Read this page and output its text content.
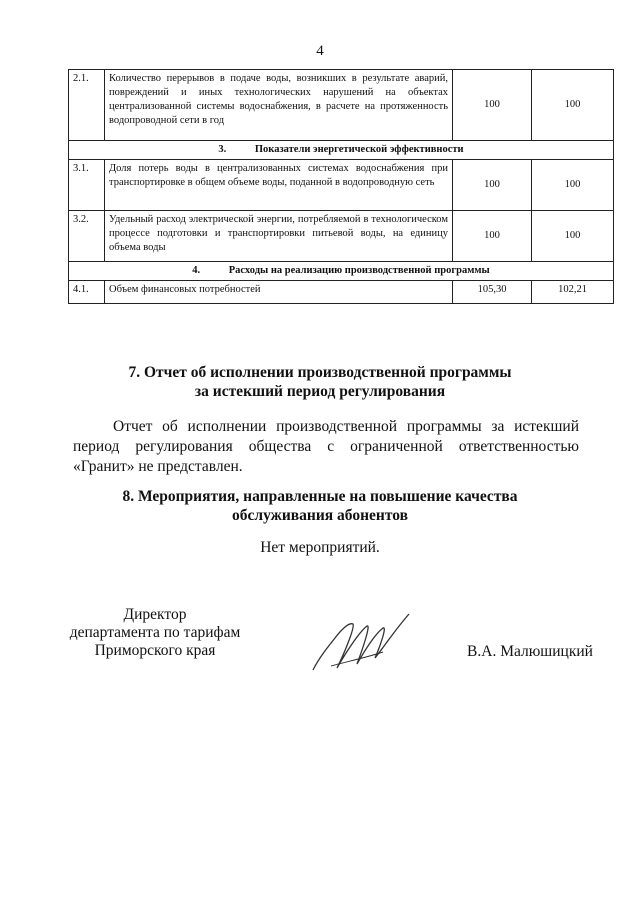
4
2.1.	Количество перерывов в подаче воды, возникших в результате аварий, повреждений и иных технологических нарушений на объектах централизованной системы водоснабжения, в расчете на протяженность водопроводной сети в год	100	100
3. Показатели энергетической эффективности			
3.1.	Доля потерь воды в централизованных системах водоснабжения при транспортировке в общем объеме воды, поданной в водопроводную сеть	100	100
3.2.	Удельный расход электрической энергии, потребляемой в технологическом процессе подготовки и транспортировки питьевой воды, на единицу объема воды	100	100
4. Расходы на реализацию производственной программы			
4.1.	Объем финансовых потребностей	105,30	102,21
7. Отчет об исполнении производственной программы
за истекший период регулирования

Отчет об исполнении производственной программы за истекший период регулирования общества с ограниченной ответственностью «Гранит» не представлен.

8. Мероприятия, направленные на повышение качества
обслуживания абонентов

Нет мероприятий.

Директор
департамента по тарифам
Приморского края	В.А. Малюшицкий
